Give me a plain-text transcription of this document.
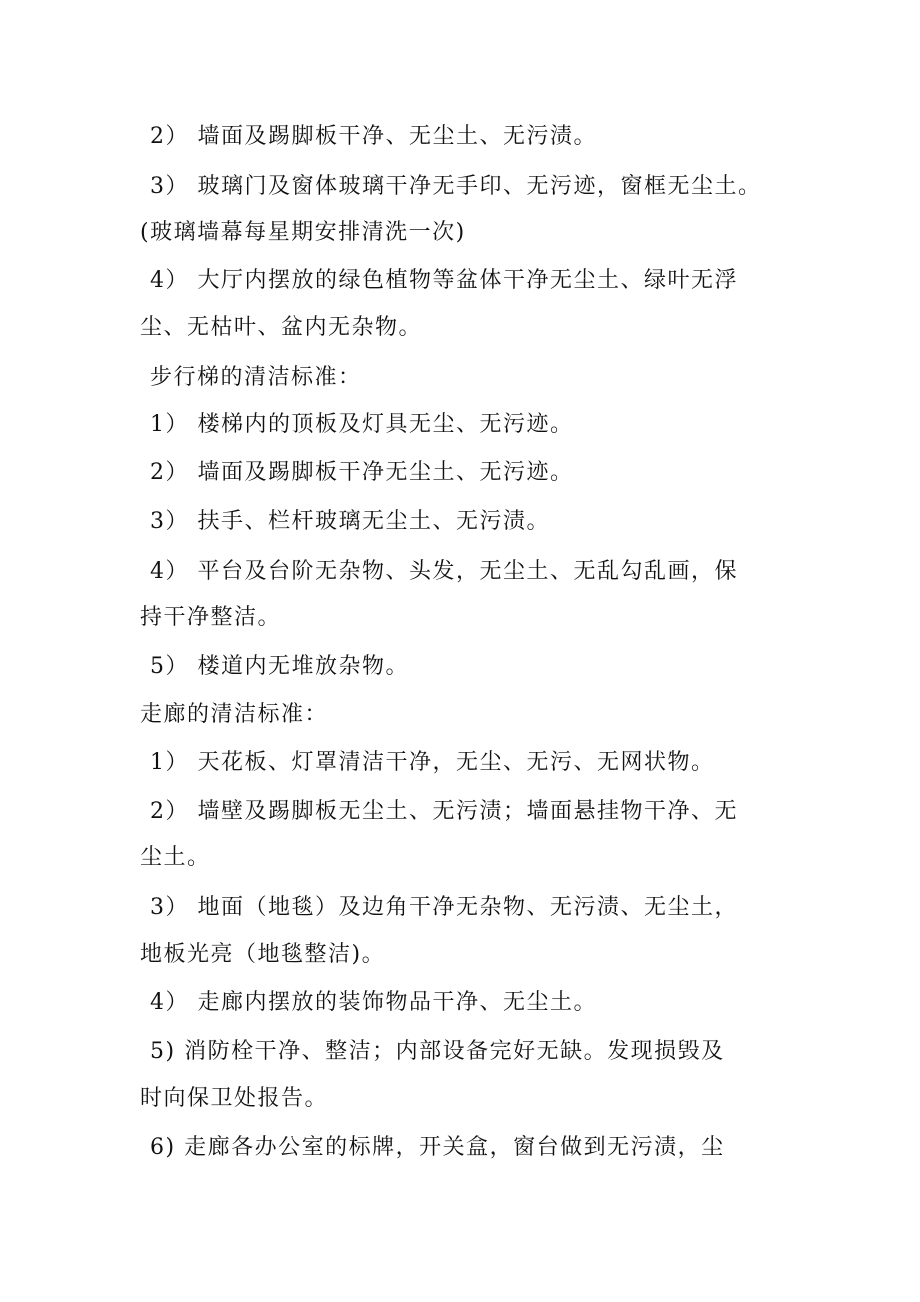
2） 墙面及踢脚板干净、无尘土、无污渍。
3） 玻璃门及窗体玻璃干净无手印、无污迹，窗框无尘土。
(玻璃墙幕每星期安排清洗一次)
4） 大厅内摆放的绿色植物等盆体干净无尘土、绿叶无浮
尘、无枯叶、盆内无杂物。
步行梯的清洁标准：
1） 楼梯内的顶板及灯具无尘、无污迹。
2） 墙面及踢脚板干净无尘土、无污迹。
3） 扶手、栏杆玻璃无尘土、无污渍。
4） 平台及台阶无杂物、头发，无尘土、无乱勾乱画，保
持干净整洁。
5） 楼道内无堆放杂物。
走廊的清洁标准：
1） 天花板、灯罩清洁干净，无尘、无污、无网状物。
2） 墙壁及踢脚板无尘土、无污渍；墙面悬挂物干净、无
尘土。
3） 地面（地毯）及边角干净无杂物、无污渍、无尘土，
地板光亮（地毯整洁)。
4） 走廊内摆放的装饰物品干净、无尘土。
5) 消防栓干净、整洁；内部设备完好无缺。发现损毁及
时向保卫处报告。
6) 走廊各办公室的标牌，开关盒，窗台做到无污渍，尘
